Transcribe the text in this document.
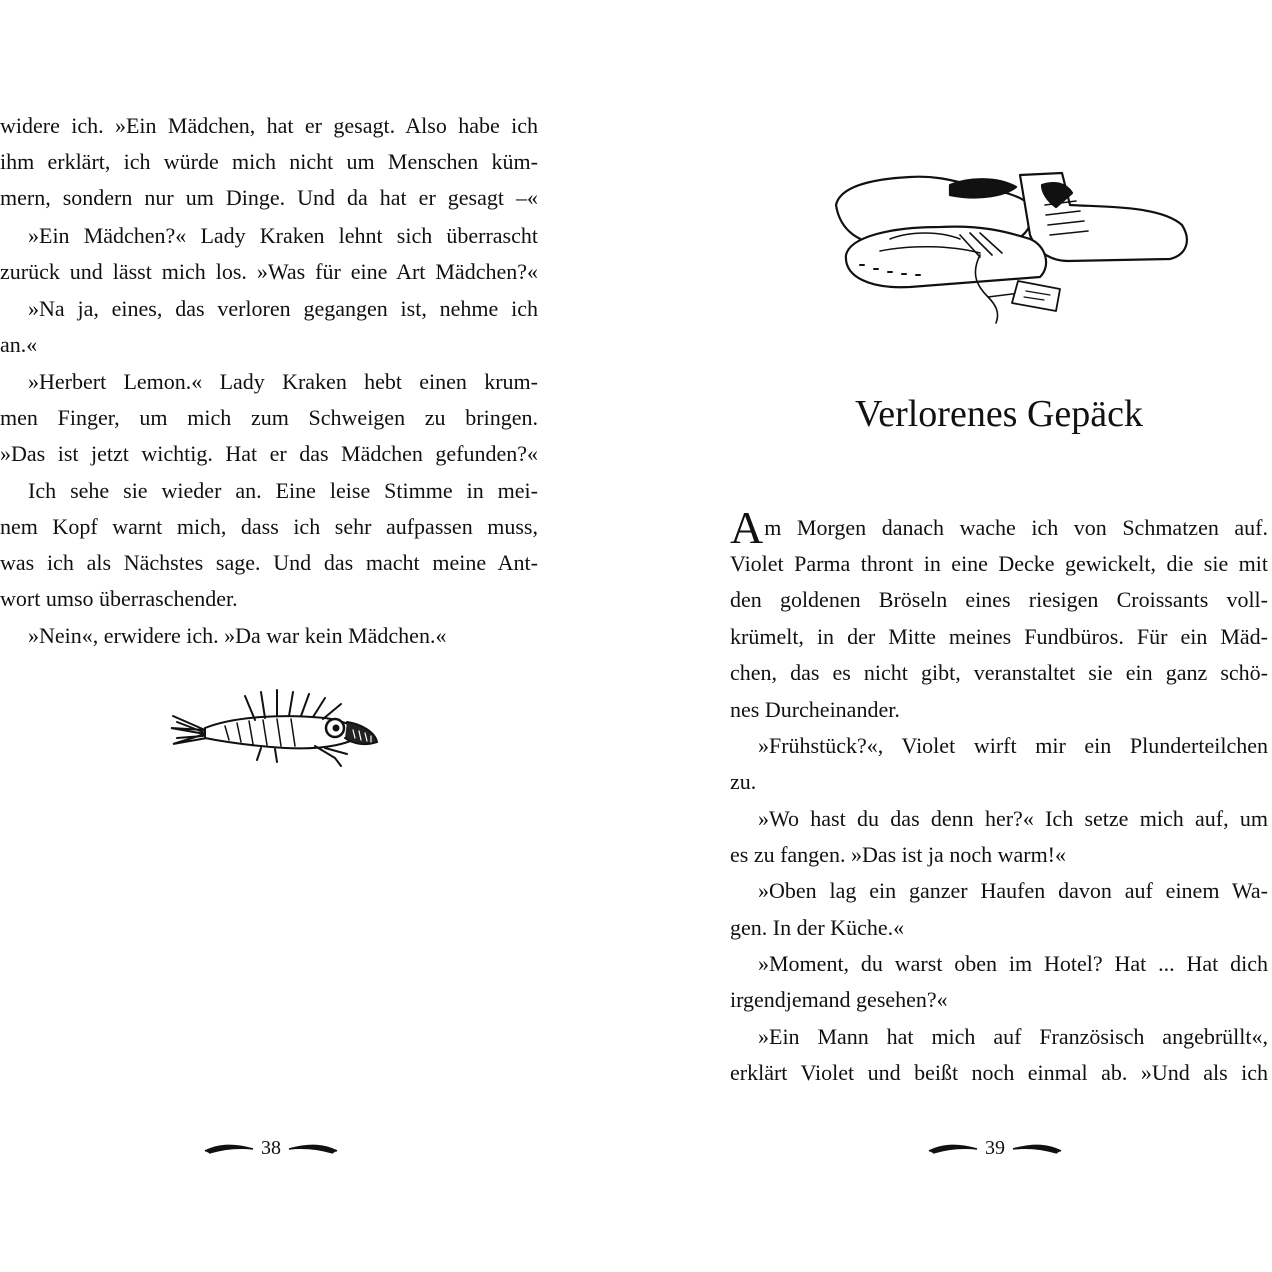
widere ich. »Ein Mädchen, hat er gesagt. Also habe ich
ihm erklärt, ich würde mich nicht um Menschen küm-
mern, sondern nur um Dinge. Und da hat er gesagt –«
»Ein Mädchen?« Lady Kraken lehnt sich überrascht
zurück und lässt mich los. »Was für eine Art Mädchen?«
»Na ja, eines, das verloren gegangen ist, nehme ich
an.«
»Herbert Lemon.« Lady Kraken hebt einen krum-
men Finger, um mich zum Schweigen zu bringen.
»Das ist jetzt wichtig. Hat er das Mädchen gefunden?«
Ich sehe sie wieder an. Eine leise Stimme in mei-
nem Kopf warnt mich, dass ich sehr aufpassen muss,
was ich als Nächstes sage. Und das macht meine Ant-
wort umso überraschender.
»Nein«, erwidere ich. »Da war kein Mädchen.«
38
Verlorenes Gepäck
Am Morgen danach wache ich von Schmatzen auf.
Violet Parma thront in eine Decke gewickelt, die sie mit
den goldenen Bröseln eines riesigen Croissants voll-
krümelt, in der Mitte meines Fundbüros. Für ein Mäd-
chen, das es nicht gibt, veranstaltet sie ein ganz schö-
nes Durcheinander.
»Frühstück?«, Violet wirft mir ein Plunderteilchen
zu.
»Wo hast du das denn her?« Ich setze mich auf, um
es zu fangen. »Das ist ja noch warm!«
»Oben lag ein ganzer Haufen davon auf einem Wa-
gen. In der Küche.«
»Moment, du warst oben im Hotel? Hat ... Hat dich
irgendjemand gesehen?«
»Ein Mann hat mich auf Französisch angebrüllt«,
erklärt Violet und beißt noch einmal ab. »Und als ich
39
